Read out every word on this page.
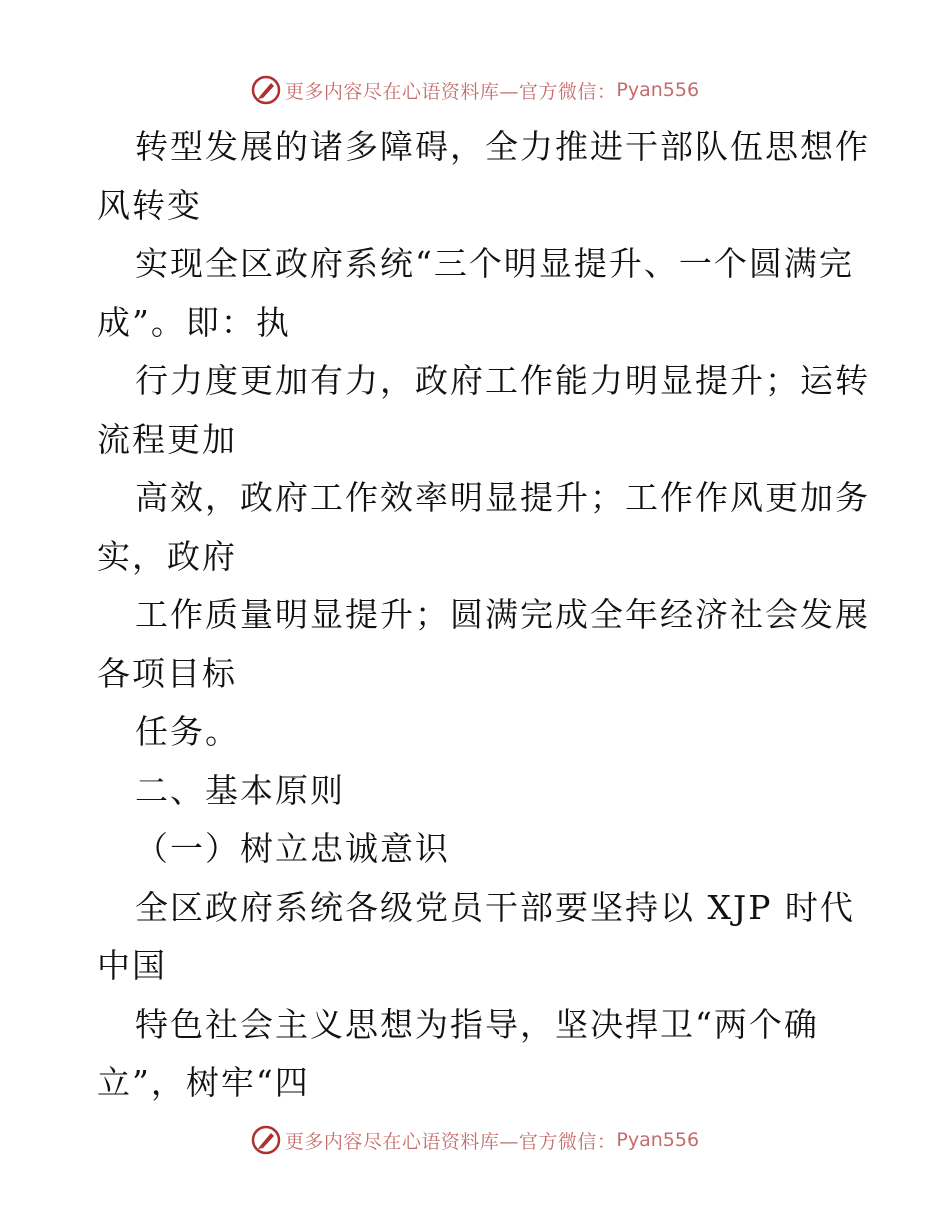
更多内容尽在心语资料库—官方微信： Pyan556
转型发展的诸多障碍，全力推进干部队伍思想作
风转变
实现全区政府系统“三个明显提升、一个圆满完
成”。即：执
行力度更加有力，政府工作能力明显提升；运转
流程更加
高效，政府工作效率明显提升；工作作风更加务
实，政府
工作质量明显提升；圆满完成全年经济社会发展
各项目标
任务。
二、基本原则
（一）树立忠诚意识
全区政府系统各级党员干部要坚持以 XJP 时代
中国
特色社会主义思想为指导，坚决捍卫“两个确
立”，树牢“四
更多内容尽在心语资料库—官方微信： Pyan556
